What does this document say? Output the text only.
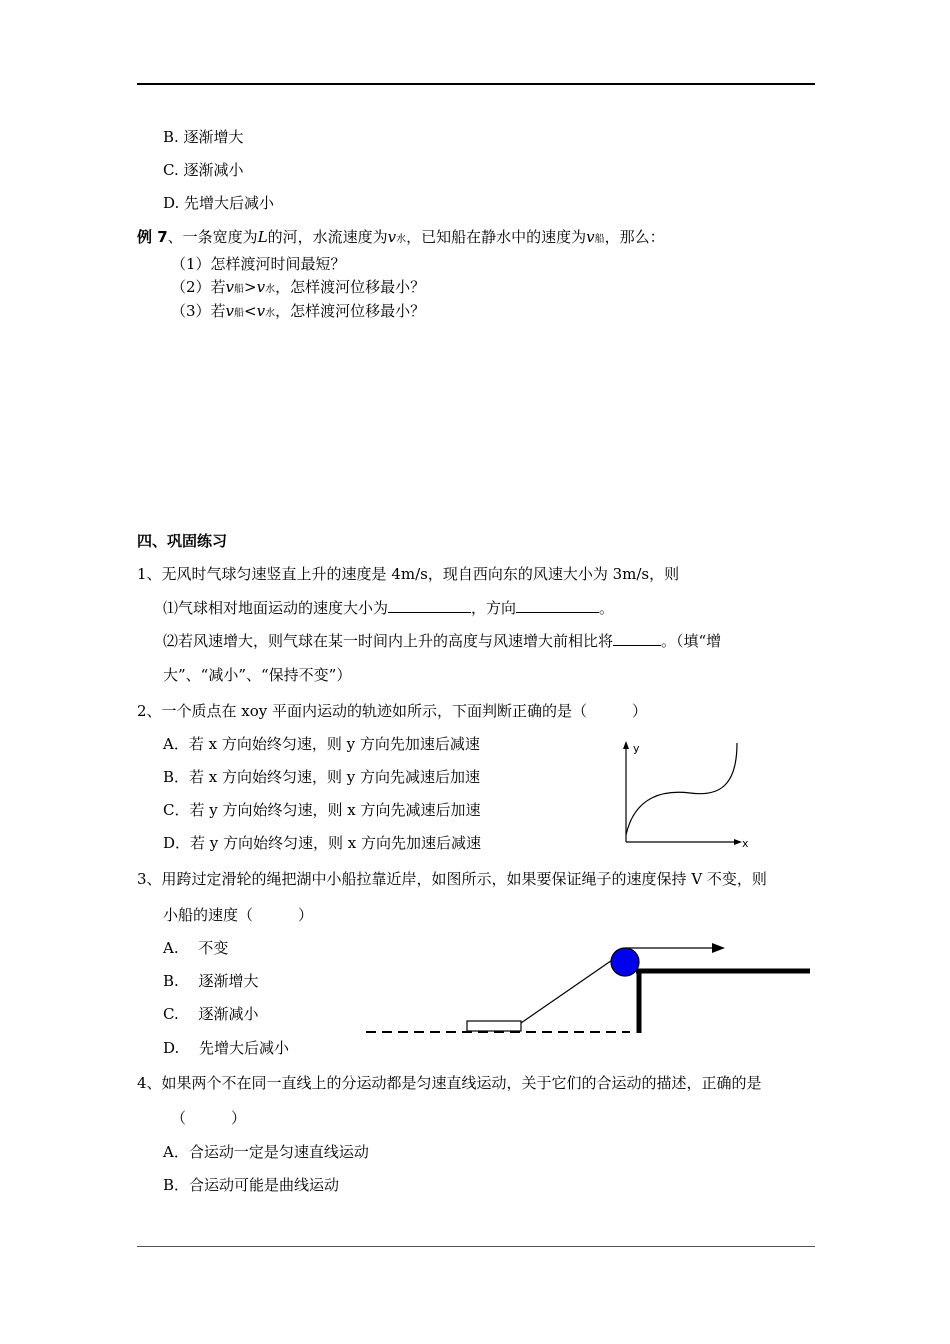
B. 逐渐增大
C. 逐渐减小
D. 先增大后减小
例 7、一条宽度为L的河，水流速度为v水，已知船在静水中的速度为v船，那么：
（1）怎样渡河时间最短？
（2）若v船>v水，怎样渡河位移最小？
（3）若v船<v水，怎样渡河位移最小？
四、巩固练习
1、无风时气球匀速竖直上升的速度是 4m/s，现自西向东的风速大小为 3m/s，则
⑴气球相对地面运动的速度大小为	，方向	。
⑵若风速增大，则气球在某一时间内上升的高度与风速增大前相比将	。（填“增
大”、“减小”、“保持不变”）
2、一个质点在 xoy 平面内运动的轨迹如所示，下面判断正确的是（　　　）
A．若 x 方向始终匀速，则 y 方向先加速后减速
B．若 x 方向始终匀速，则 y 方向先减速后加速
C．若 y 方向始终匀速，则 x 方向先减速后加速
D．若 y 方向始终匀速，则 x 方向先加速后减速
y
x
3、用跨过定滑轮的绳把湖中小船拉靠近岸，如图所示，如果要保证绳子的速度保持 V 不变，则
小船的速度（　　　）
A.　 不变
B.　 逐渐增大
C.　 逐渐减小
D.　 先增大后减小
4、如果两个不在同一直线上的分运动都是匀速直线运动，关于它们的合运动的描述，正确的是
（　　　）
A．合运动一定是匀速直线运动
B．合运动可能是曲线运动
